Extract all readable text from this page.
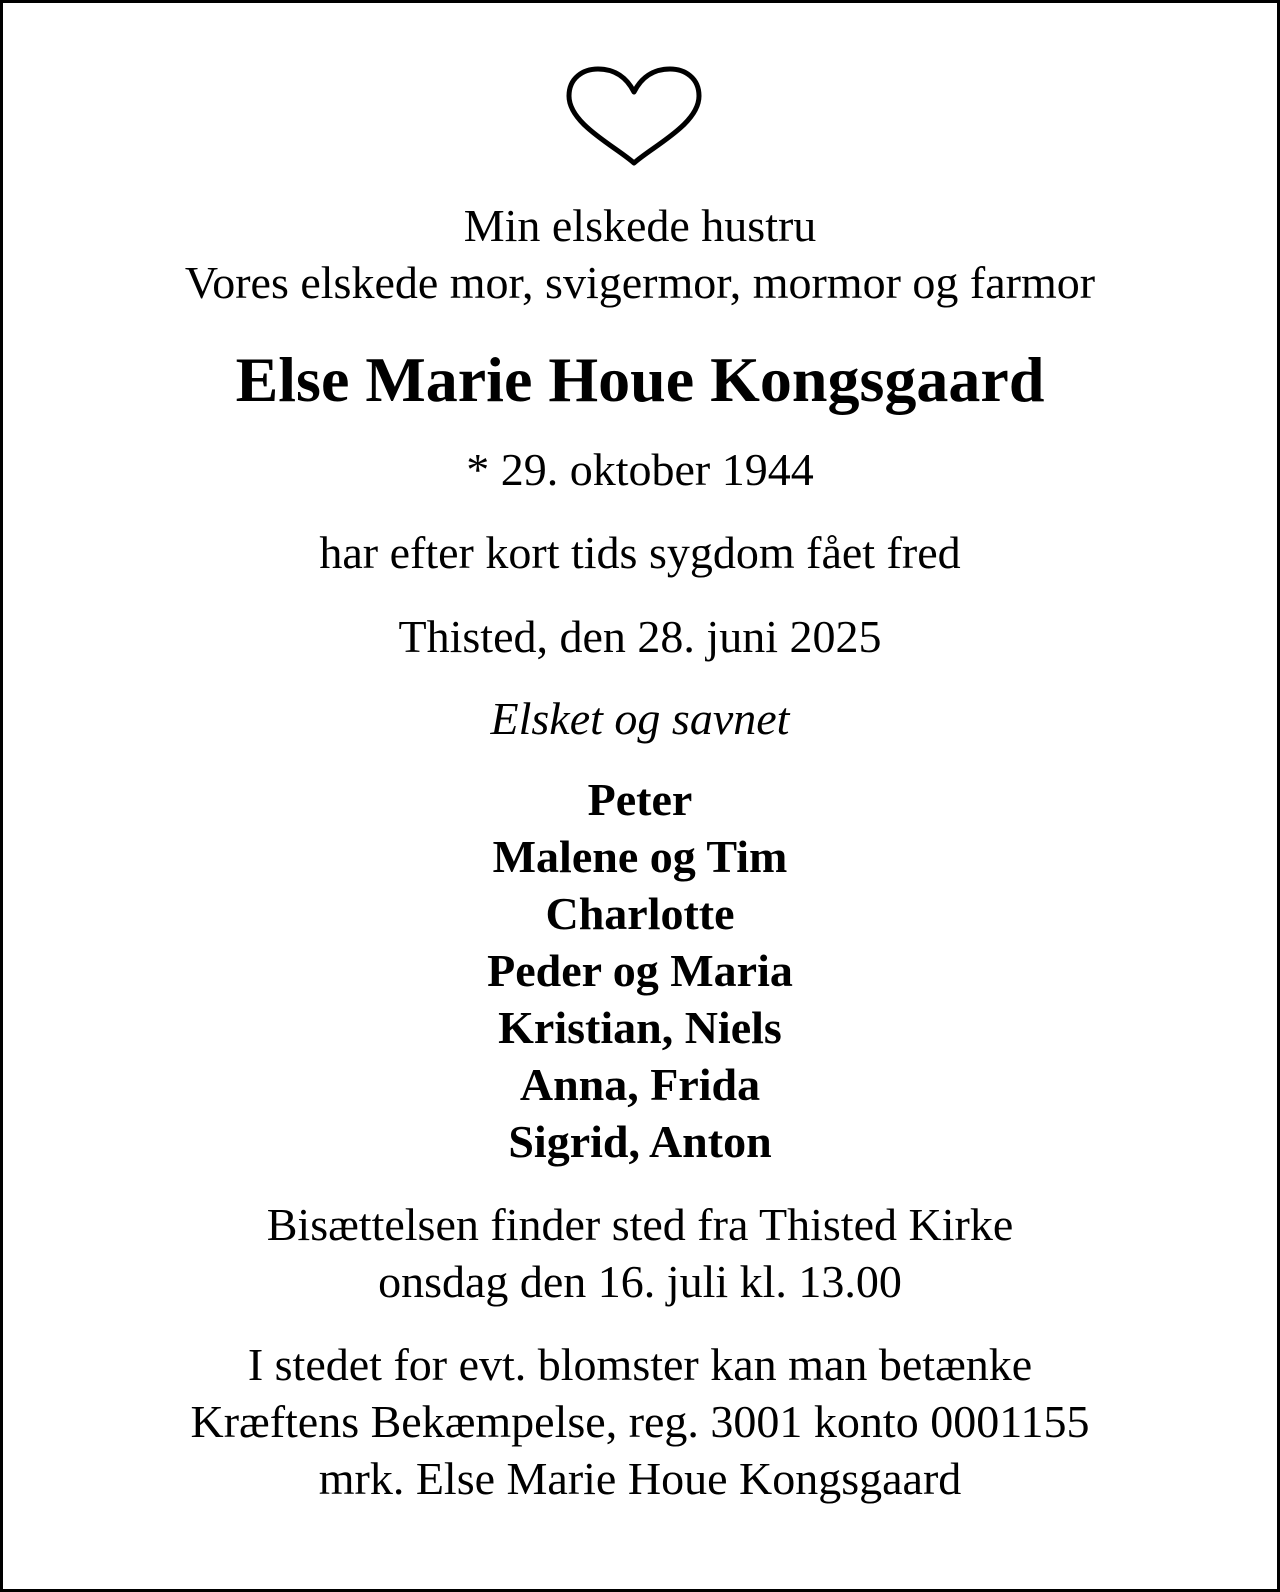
Min elskede hustru
Vores elskede mor, svigermor, mormor og farmor
Else Marie Houe Kongsgaard
* 29. oktober 1944
har efter kort tids sygdom fået fred
Thisted, den 28. juni 2025
Elsket og savnet
Peter
Malene og Tim
Charlotte
Peder og Maria
Kristian, Niels
Anna, Frida
Sigrid, Anton
Bisættelsen finder sted fra Thisted Kirke
onsdag den 16. juli kl. 13.00
I stedet for evt. blomster kan man betænke
Kræftens Bekæmpelse, reg. 3001 konto 0001155
mrk. Else Marie Houe Kongsgaard
